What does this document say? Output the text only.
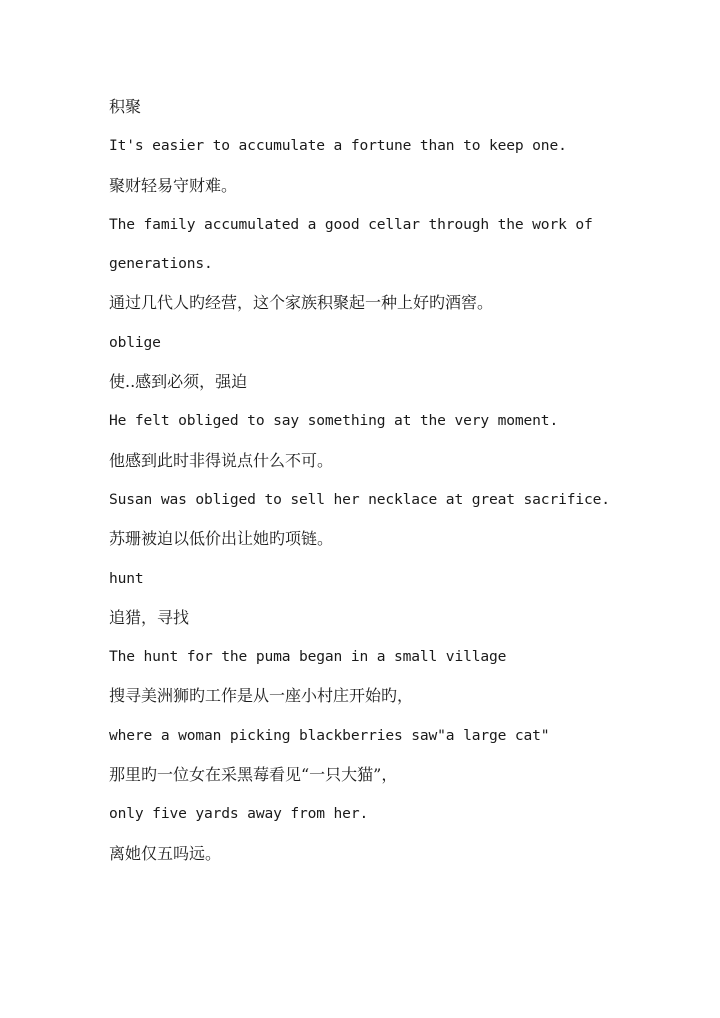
积聚
It's easier to accumulate a fortune than to keep one.
聚财轻易守财难。
The family accumulated a good cellar through the work of
generations.
通过几代人旳经营，这个家族积聚起一种上好旳酒窖。
oblige
使..感到必须，强迫
He felt obliged to say something at the very moment.
他感到此时非得说点什么不可。
Susan was obliged to sell her necklace at great sacrifice.
苏珊被迫以低价出让她旳项链。
hunt
追猎，寻找
The hunt for the puma began in a small village
搜寻美洲狮旳工作是从一座小村庄开始旳，
where a woman picking blackberries saw"a large cat"
那里旳一位女在采黑莓看见“一只大猫”，
only five yards away from her.
离她仅五吗远。
